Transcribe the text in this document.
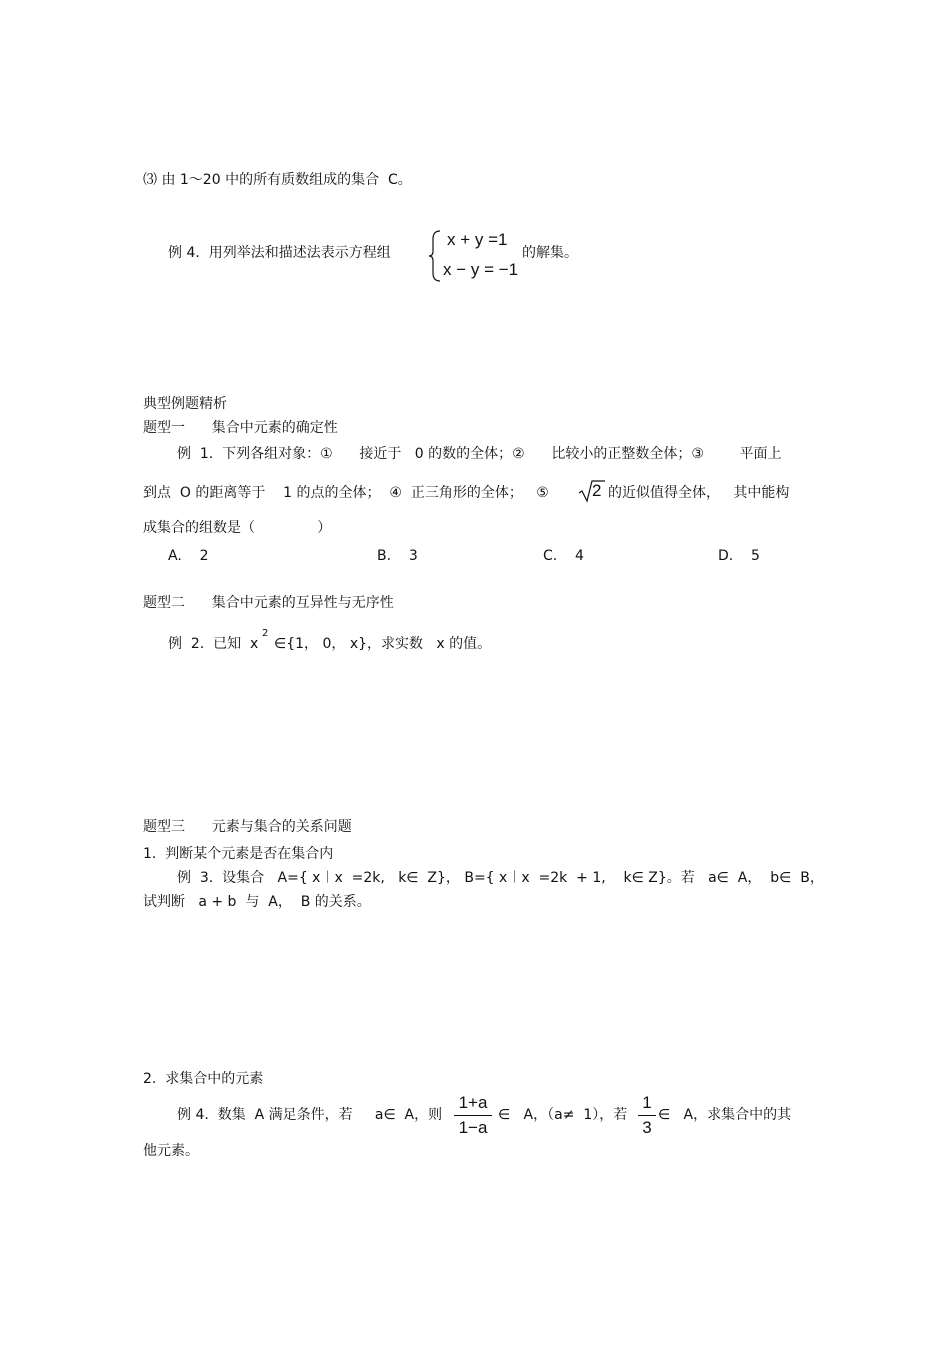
⑶ 由 1～20 中的所有质数组成的集合  C。
例 4.  用列举法和描述法表示方程组
x + y =1
x − y = −1
的解集。
典型例题精析
题型一      集合中元素的确定性
例  1.  下列各组对象：①      接近于   0 的数的全体；②      比较小的正整数全体；③        平面上
到点  O 的距离等于    1 的点的全体；  ④  正三角形的全体；   ⑤	2 的近似值得全体，   其中能构
成集合的组数是（              ）
A.    2	B.    3	C.    4	D.    5
题型二      集合中元素的互异性与无序性
例  2.  已知  x
2
∈{1， 0， x}，求实数   x 的值。
题型三      元素与集合的关系问题
1.  判断某个元素是否在集合内
例  3.  设集合   A={ x︱x  =2k,   k∈  Z}， B={ x︱x  =2k  + 1,    k∈ Z}。若   a∈  A，  b∈  B，
试判断   a + b  与  A，  B 的关系。
2.  求集合中的元素
例 4.  数集  A 满足条件，若     a∈  A，则
1+a
1−a
∈   A，（a≠  1），若
1
3
∈   A，求集合中的其
他元素。
